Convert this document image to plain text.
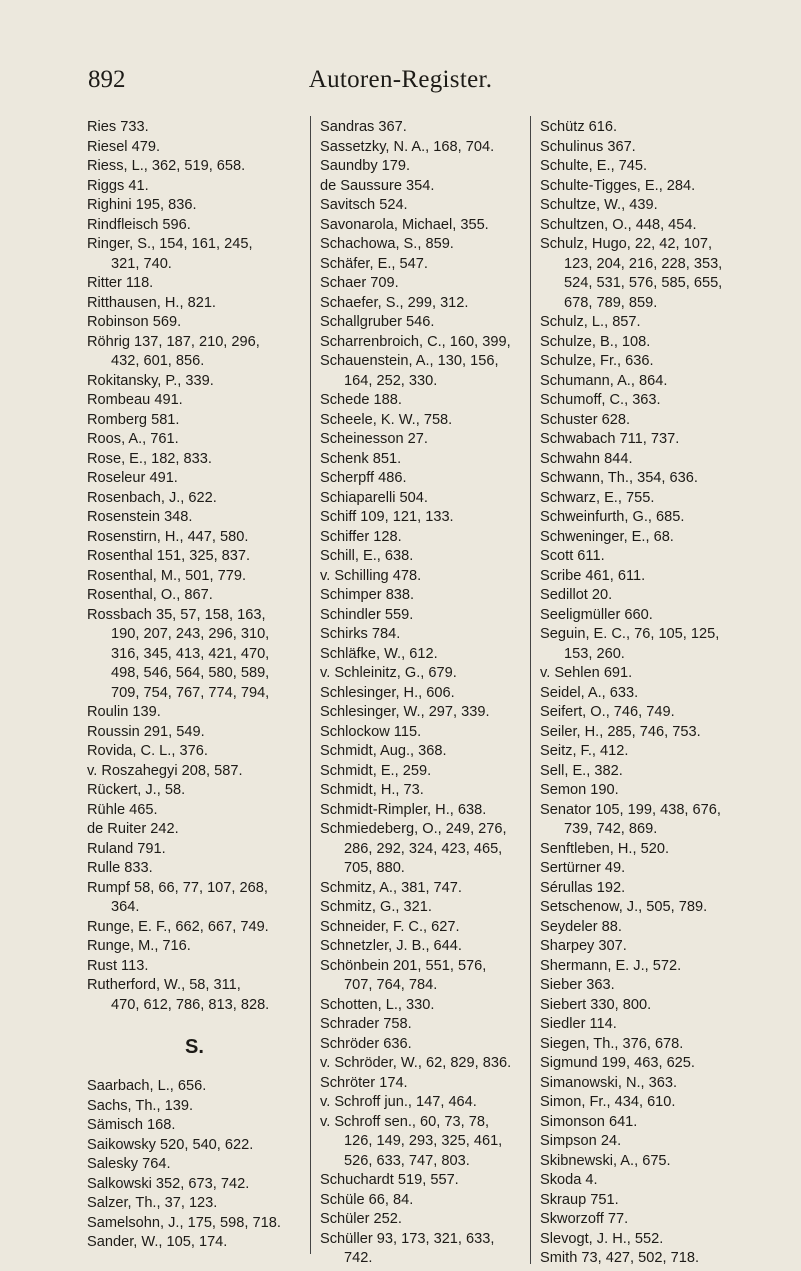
892	Autoren-Register.
Ries 733.
Riesel 479.
Riess, L., 362, 519, 658.
Riggs 41.
Righini 195, 836.
Rindfleisch 596.
Ringer, S., 154, 161, 245,
321, 740.
Ritter 118.
Ritthausen, H., 821.
Robinson 569.
Röhrig 137, 187, 210, 296,
432, 601, 856.
Rokitansky, P., 339.
Rombeau 491.
Romberg 581.
Roos, A., 761.
Rose, E., 182, 833.
Roseleur 491.
Rosenbach, J., 622.
Rosenstein 348.
Rosenstirn, H., 447, 580.
Rosenthal 151, 325, 837.
Rosenthal, M., 501, 779.
Rosenthal, O., 867.
Rossbach 35, 57, 158, 163,
190, 207, 243, 296, 310,
316, 345, 413, 421, 470,
498, 546, 564, 580, 589,
709, 754, 767, 774, 794,
Roulin 139.
Roussin 291, 549.
Rovida, C. L., 376.
v. Roszahegyi 208, 587.
Rückert, J., 58.
Rühle 465.
de Ruiter 242.
Ruland 791.
Rulle 833.
Rumpf 58, 66, 77, 107, 268,
364.
Runge, E. F., 662, 667, 749.
Runge, M., 716.
Rust 113.
Rutherford, W., 58, 311,
470, 612, 786, 813, 828.
S.
Saarbach, L., 656.
Sachs, Th., 139.
Sämisch 168.
Saikowsky 520, 540, 622.
Salesky 764.
Salkowski 352, 673, 742.
Salzer, Th., 37, 123.
Samelsohn, J., 175, 598, 718.
Sander, W., 105, 174.
Sandras 367.
Sassetzky, N. A., 168, 704.
Saundby 179.
de Saussure 354.
Savitsch 524.
Savonarola, Michael, 355.
Schachowa, S., 859.
Schäfer, E., 547.
Schaer 709.
Schaefer, S., 299, 312.
Schallgruber 546.
Scharrenbroich, C., 160, 399,
Schauenstein, A., 130, 156,
164, 252, 330.
Schede 188.
Scheele, K. W., 758.
Scheinesson 27.
Schenk 851.
Scherpff 486.
Schiaparelli 504.
Schiff 109, 121, 133.
Schiffer 128.
Schill, E., 638.
v. Schilling 478.
Schimper 838.
Schindler 559.
Schirks 784.
Schläfke, W., 612.
v. Schleinitz, G., 679.
Schlesinger, H., 606.
Schlesinger, W., 297, 339.
Schlockow 115.
Schmidt, Aug., 368.
Schmidt, E., 259.
Schmidt, H., 73.
Schmidt-Rimpler, H., 638.
Schmiedeberg, O., 249, 276,
286, 292, 324, 423, 465,
705, 880.
Schmitz, A., 381, 747.
Schmitz, G., 321.
Schneider, F. C., 627.
Schnetzler, J. B., 644.
Schönbein 201, 551, 576,
707, 764, 784.
Schotten, L., 330.
Schrader 758.
Schröder 636.
v. Schröder, W., 62, 829, 836.
Schröter 174.
v. Schroff jun., 147, 464.
v. Schroff sen., 60, 73, 78,
126, 149, 293, 325, 461,
526, 633, 747, 803.
Schuchardt 519, 557.
Schüle 66, 84.
Schüler 252.
Schüller 93, 173, 321, 633,
742.
Schütz 616.
Schulinus 367.
Schulte, E., 745.
Schulte-Tigges, E., 284.
Schultze, W., 439.
Schultzen, O., 448, 454.
Schulz, Hugo, 22, 42, 107,
123, 204, 216, 228, 353,
524, 531, 576, 585, 655,
678, 789, 859.
Schulz, L., 857.
Schulze, B., 108.
Schulze, Fr., 636.
Schumann, A., 864.
Schumoff, C., 363.
Schuster 628.
Schwabach 711, 737.
Schwahn 844.
Schwann, Th., 354, 636.
Schwarz, E., 755.
Schweinfurth, G., 685.
Schweninger, E., 68.
Scott 611.
Scribe 461, 611.
Sedillot 20.
Seeligmüller 660.
Seguin, E. C., 76, 105, 125,
153, 260.
v. Sehlen 691.
Seidel, A., 633.
Seifert, O., 746, 749.
Seiler, H., 285, 746, 753.
Seitz, F., 412.
Sell, E., 382.
Semon 190.
Senator 105, 199, 438, 676,
739, 742, 869.
Senftleben, H., 520.
Sertürner 49.
Sérullas 192.
Setschenow, J., 505, 789.
Seydeler 88.
Sharpey 307.
Shermann, E. J., 572.
Sieber 363.
Siebert 330, 800.
Siedler 114.
Siegen, Th., 376, 678.
Sigmund 199, 463, 625.
Simanowski, N., 363.
Simon, Fr., 434, 610.
Simonson 641.
Simpson 24.
Skibnewski, A., 675.
Skoda 4.
Skraup 751.
Skworzoff 77.
Slevogt, J. H., 552.
Smith 73, 427, 502, 718.
